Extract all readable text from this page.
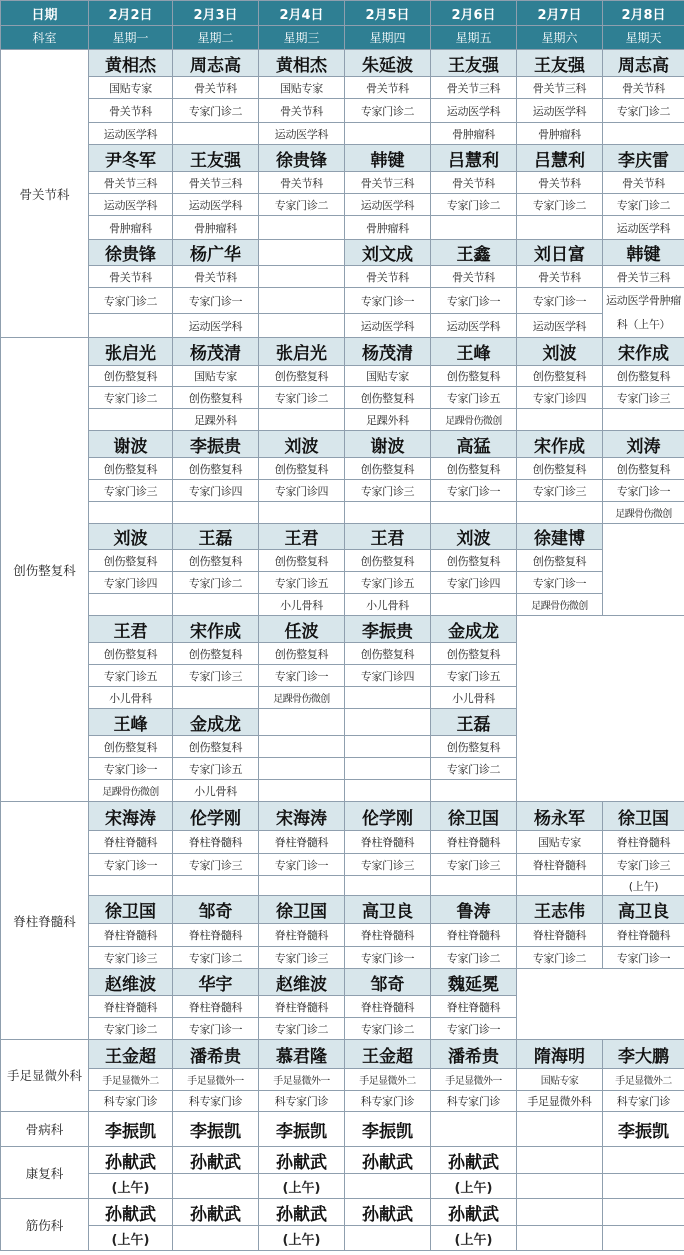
日期	2月2日	2月3日	2月4日	2月5日	2月6日	2月7日	2月8日
科室	星期一	星期二	星期三	星期四	星期五	星期六	星期天
骨关节科	黄相杰	周志高	黄相杰	朱延波	王友强	王友强	周志高
	国贴专家	骨关节科	国贴专家	骨关节科	骨关节三科	骨关节三科	骨关节科
	骨关节科	专家门诊二	骨关节科	专家门诊二	运动医学科	运动医学科	专家门诊二
	运动医学科		运动医学科		骨肿瘤科	骨肿瘤科	
	尹冬军	王友强	徐贵锋	韩键	吕慧利	吕慧利	李庆雷
	骨关节三科	骨关节三科	骨关节科	骨关节三科	骨关节科	骨关节科	骨关节科
	运动医学科	运动医学科	专家门诊二	运动医学科	专家门诊二	专家门诊二	专家门诊二
	骨肿瘤科	骨肿瘤科		骨肿瘤科			运动医学科
	徐贵锋	杨广华		刘文成	王鑫	刘日富	韩键
	骨关节科	骨关节科		骨关节科	骨关节科	骨关节科	骨关节三科
	专家门诊二	专家门诊一		专家门诊一	专家门诊一	专家门诊一	运动医学骨肿瘤科（上午）
		运动医学科		运动医学科	运动医学科	运动医学科	
创伤整复科	张启光	杨茂清	张启光	杨茂清	王峰	刘波	宋作成
	创伤整复科	国贴专家	创伤整复科	国贴专家	创伤整复科	创伤整复科	创伤整复科
	专家门诊二	创伤整复科	专家门诊二	创伤整复科	专家门诊五	专家门诊四	专家门诊三
		足踝外科		足踝外科	足踝骨伤微创		
	谢波	李振贵	刘波	谢波	高猛	宋作成	刘涛
	创伤整复科	创伤整复科	创伤整复科	创伤整复科	创伤整复科	创伤整复科	创伤整复科
	专家门诊三	专家门诊四	专家门诊四	专家门诊三	专家门诊一	专家门诊三	专家门诊一
							足踝骨伤微创
	刘波	王磊	王君	王君	刘波	徐建博	
	创伤整复科	创伤整复科	创伤整复科	创伤整复科	创伤整复科	创伤整复科	
	专家门诊四	专家门诊二	专家门诊五	专家门诊五	专家门诊四	专家门诊一	
			小儿骨科	小儿骨科		足踝骨伤微创	
	王君	宋作成	任波	李振贵	金成龙		
	创伤整复科	创伤整复科	创伤整复科	创伤整复科	创伤整复科		
	专家门诊五	专家门诊三	专家门诊一	专家门诊四	专家门诊五		
	小儿骨科		足踝骨伤微创		小儿骨科		
	王峰	金成龙			王磊		
	创伤整复科	创伤整复科			创伤整复科		
	专家门诊一	专家门诊五			专家门诊二		
	足踝骨伤微创	小儿骨科					
脊柱脊髓科	宋海涛	伦学刚	宋海涛	伦学刚	徐卫国	杨永军	徐卫国
	脊柱脊髓科	脊柱脊髓科	脊柱脊髓科	脊柱脊髓科	脊柱脊髓科	国贴专家	脊柱脊髓科
	专家门诊一	专家门诊三	专家门诊一	专家门诊三	专家门诊三	脊柱脊髓科	专家门诊三
							(上午)
	徐卫国	邹奇	徐卫国	高卫良	鲁涛	王志伟	高卫良
	脊柱脊髓科	脊柱脊髓科	脊柱脊髓科	脊柱脊髓科	脊柱脊髓科	脊柱脊髓科	脊柱脊髓科
	专家门诊三	专家门诊二	专家门诊三	专家门诊一	专家门诊二	专家门诊二	专家门诊一
	赵维波	华宇	赵维波	邹奇	魏延冕		
	脊柱脊髓科	脊柱脊髓科	脊柱脊髓科	脊柱脊髓科	脊柱脊髓科		
	专家门诊二	专家门诊一	专家门诊二	专家门诊二	专家门诊一		
手足显微外科	王金超	潘希贵	慕君隆	王金超	潘希贵	隋海明	李大鹏
	手足显微外二	手足显微外一	手足显微外一	手足显微外二	手足显微外一	国贴专家	手足显微外二
	科专家门诊	科专家门诊	科专家门诊	科专家门诊	科专家门诊	手足显微外科	科专家门诊
骨病科	李振凯	李振凯	李振凯	李振凯			李振凯
康复科	孙献武	孙献武	孙献武	孙献武	孙献武		
	(上午)		(上午)		(上午)		
筋伤科	孙献武	孙献武	孙献武	孙献武	孙献武		
	(上午)		(上午)		(上午)		
